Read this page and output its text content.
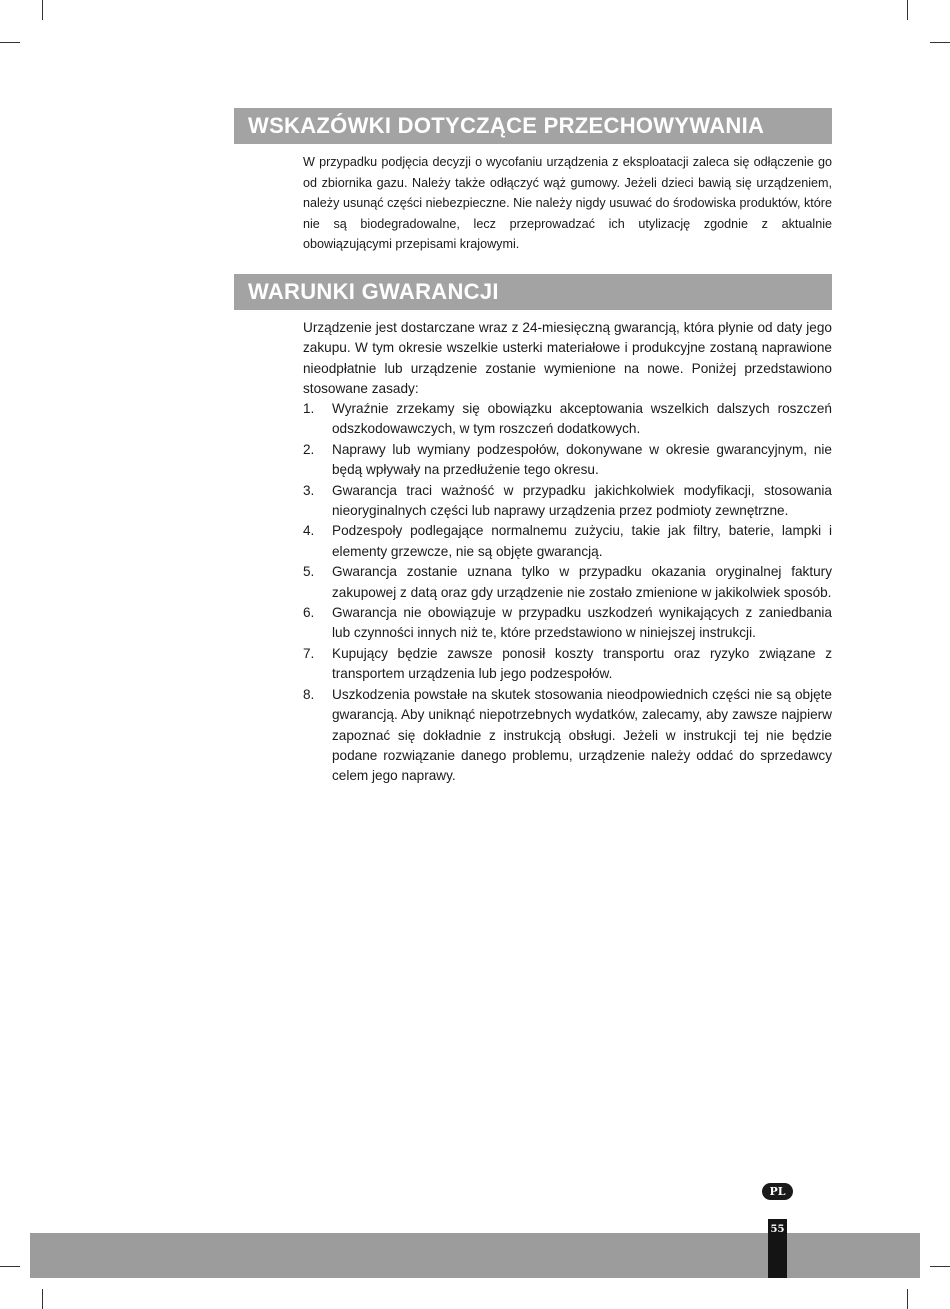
WSKAZÓWKI DOTYCZĄCE PRZECHOWYWANIA

W przypadku podjęcia decyzji o wycofaniu urządzenia z eksploatacji zaleca się odłączenie go od zbiornika gazu. Należy także odłączyć wąż gumowy. Jeżeli dzieci bawią się urządzeniem, należy usunąć części niebezpieczne. Nie należy nigdy usuwać do środowiska produktów, które nie są biodegradowalne, lecz przeprowadzać ich utylizację zgodnie z aktualnie obowiązującymi przepisami krajowymi.

WARUNKI GWARANCJI

Urządzenie jest dostarczane wraz z 24-miesięczną gwarancją, która płynie od daty jego zakupu. W tym okresie wszelkie usterki materiałowe i produkcyjne zostaną naprawione nieodpłatnie lub urządzenie zostanie wymienione na nowe. Poniżej przedstawiono stosowane zasady:

1. Wyraźnie zrzekamy się obowiązku akceptowania wszelkich dalszych roszczeń odszkodowawczych, w tym roszczeń dodatkowych.
2. Naprawy lub wymiany podzespołów, dokonywane w okresie gwarancyjnym, nie będą wpływały na przedłużenie tego okresu.
3. Gwarancja traci ważność w przypadku jakichkolwiek modyfikacji, stosowania nieoryginalnych części lub naprawy urządzenia przez podmioty zewnętrzne.
4. Podzespoły podlegające normalnemu zużyciu, takie jak filtry, baterie, lampki i elementy grzewcze, nie są objęte gwarancją.
5. Gwarancja zostanie uznana tylko w przypadku okazania oryginalnej faktury zakupowej z datą oraz gdy urządzenie nie zostało zmienione w jakikolwiek sposób.
6. Gwarancja nie obowiązuje w przypadku uszkodzeń wynikających z zaniedbania lub czynności innych niż te, które przedstawiono w niniejszej instrukcji.
7. Kupujący będzie zawsze ponosił koszty transportu oraz ryzyko związane z transportem urządzenia lub jego podzespołów.
8. Uszkodzenia powstałe na skutek stosowania nieodpowiednich części nie są objęte gwarancją. Aby uniknąć niepotrzebnych wydatków, zalecamy, aby zawsze najpierw zapoznać się dokładnie z instrukcją obsługi. Jeżeli w instrukcji tej nie będzie podane rozwiązanie danego problemu, urządzenie należy oddać do sprzedawcy celem jego naprawy.
PL
55
